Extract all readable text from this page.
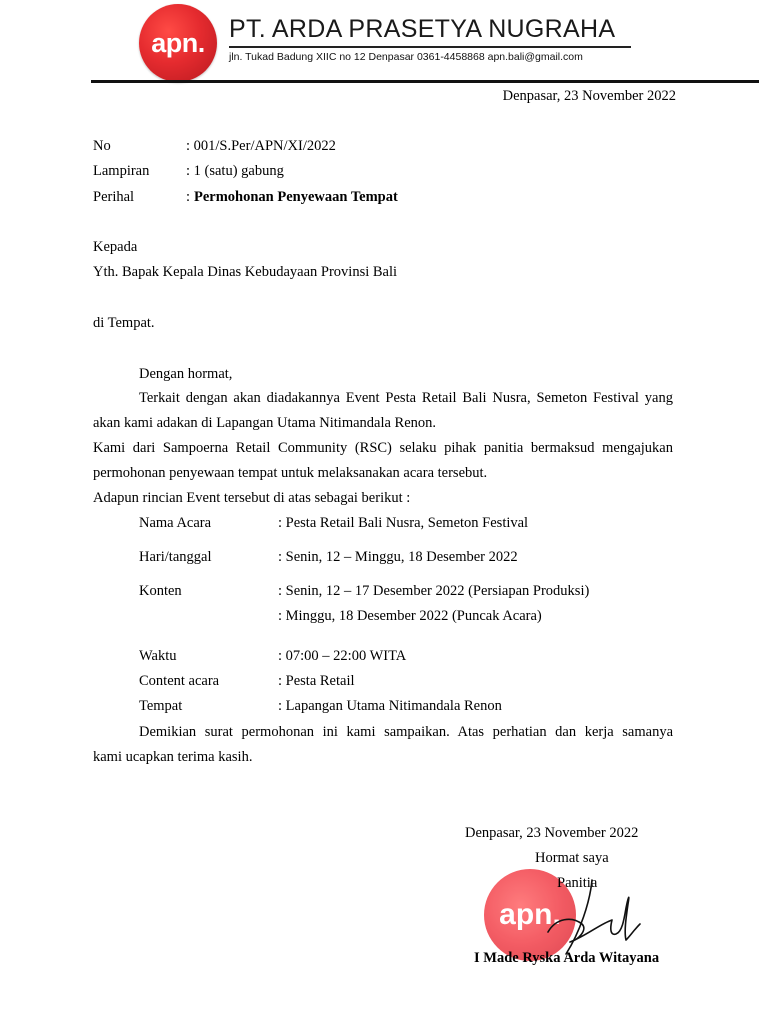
apn. PT. ARDA PRASETYA NUGRAHA
jln. Tukad Badung XIIC no 12 Denpasar 0361-4458868 apn.bali@gmail.com
Denpasar, 23 November 2022
No	: 001/S.Per/APN/XI/2022
Lampiran	: 1 (satu) gabung
Perihal	: Permohonan Penyewaan Tempat
Kepada
Yth. Bapak Kepala Dinas Kebudayaan Provinsi Bali
di Tempat.
Dengan hormat,
Terkait dengan akan diadakannya Event Pesta Retail Bali Nusra, Semeton Festival yang
akan kami adakan di Lapangan Utama Nitimandala Renon.
Kami dari Sampoerna Retail Community (RSC) selaku pihak panitia bermaksud mengajukan
permohonan penyewaan tempat untuk melaksanakan acara tersebut.
Adapun rincian Event tersebut di atas sebagai berikut :
Nama Acara	: Pesta Retail Bali Nusra, Semeton Festival
Hari/tanggal	: Senin, 12 – Minggu, 18 Desember 2022
Konten	: Senin, 12 – 17 Desember 2022 (Persiapan Produksi)
: Minggu, 18 Desember 2022 (Puncak Acara)
Waktu	: 07:00 – 22:00 WITA
Content acara	: Pesta Retail
Tempat	: Lapangan Utama Nitimandala Renon
Demikian surat permohonan ini kami sampaikan. Atas perhatian dan kerja samanya
kami ucapkan terima kasih.
Denpasar, 23 November 2022
Hormat saya
apn.
Panitia
I Made Ryska Arda Witayana
